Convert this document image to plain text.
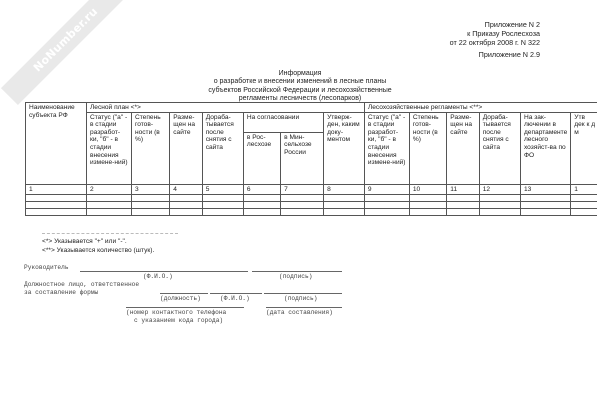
NoNumber.ru	Приложение N 2
к Приказу Рослесхоза
от 22 октября 2008 г. N 322
Приложение N 2.9
Информация
о разработке и внесении изменений в лесные планы
субъектов Российской Федерации и лесохозяйственные
регламенты лесничеств (лесопарков)
Наименование субъекта РФ	Лесной план <*>							Лесохозяйственные регламенты <**>					
	Статус ("а" - в стадии разработ-ки, "б" - в стадии внесения измене-ний)	Степень готов-ности (в %)	Разме-щен на сайте	Дораба-тывается после снятия с сайта	На согласовании		Утверж-ден, каким доку-ментом	Статус ("а" - в стадии разработ-ки, "б" - в стадии внесения измене-ний)	Степень готов-ности (в %)	Разме-щен на сайте	Дораба-тывается после снятия с сайта	На зак-лючении в департаменте лесного хозяйст-ва по ФО	Утв дек к д м
					в Рос-лесхозе	в Мин-сельхозе России							
1	2	3	4	5	6	7	8	9	10	11	12	13	1

<*> Указывается "+" или "-".
<**> Указывается количество (штук).
Руководитель
(Ф.И.О.)	(подпись)
Должностное лицо, ответственное
за составление формы
(должность)	(Ф.И.О.)	(подпись)
(номер контактного телефона
с указанием кода города)
(дата составления)
